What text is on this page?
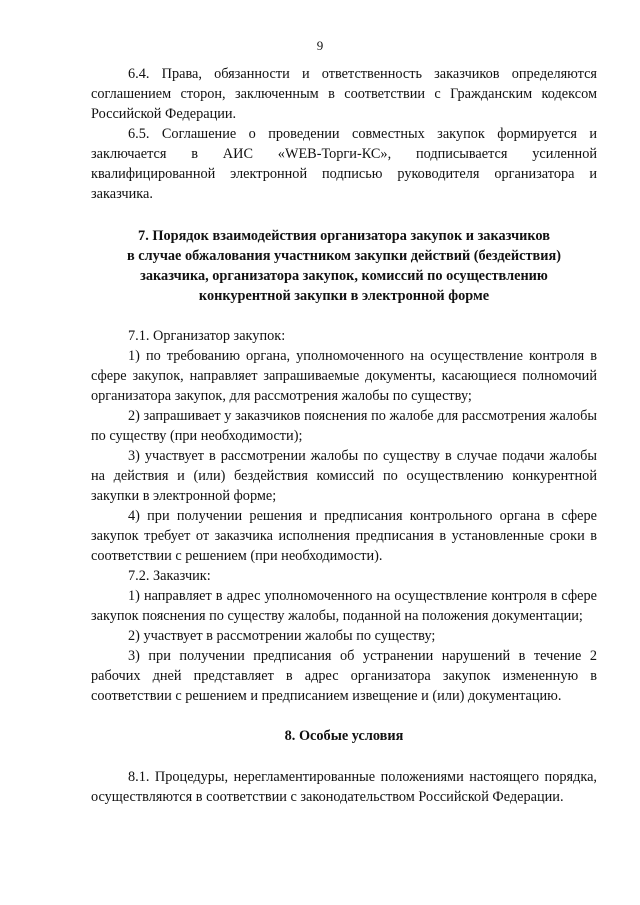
9

6.4. Права, обязанности и ответственность заказчиков определяются соглашением сторон, заключенным в соответствии с Гражданским кодексом Российской Федерации.

6.5. Соглашение о проведении совместных закупок формируется и заключается в АИС «WEB-Торги-КС», подписывается усиленной квалифицированной электронной подписью руководителя организатора и заказчика.

7. Порядок взаимодействия организатора закупок и заказчиков
в случае обжалования участником закупки действий (бездействия)
заказчика, организатора закупок, комиссий по осуществлению
конкурентной закупки в электронной форме

7.1. Организатор закупок:

1) по требованию органа, уполномоченного на осуществление контроля в сфере закупок, направляет запрашиваемые документы, касающиеся полномочий организатора закупок, для рассмотрения жалобы по существу;

2) запрашивает у заказчиков пояснения по жалобе для рассмотрения жалобы по существу (при необходимости);

3) участвует в рассмотрении жалобы по существу в случае подачи жалобы на действия и (или) бездействия комиссий по осуществлению конкурентной закупки в электронной форме;

4) при получении решения и предписания контрольного органа в сфере закупок требует от заказчика исполнения предписания в установленные сроки в соответствии с решением (при необходимости).

7.2. Заказчик:

1) направляет в адрес уполномоченного на осуществление контроля в сфере закупок пояснения по существу жалобы, поданной на положения документации;

2) участвует в рассмотрении жалобы по существу;

3) при получении предписания об устранении нарушений в течение 2 рабочих дней представляет в адрес организатора закупок измененную в соответствии с решением и предписанием извещение и (или) документацию.

8. Особые условия

8.1. Процедуры, нерегламентированные положениями настоящего порядка, осуществляются в соответствии с законодательством Российской Федерации.
